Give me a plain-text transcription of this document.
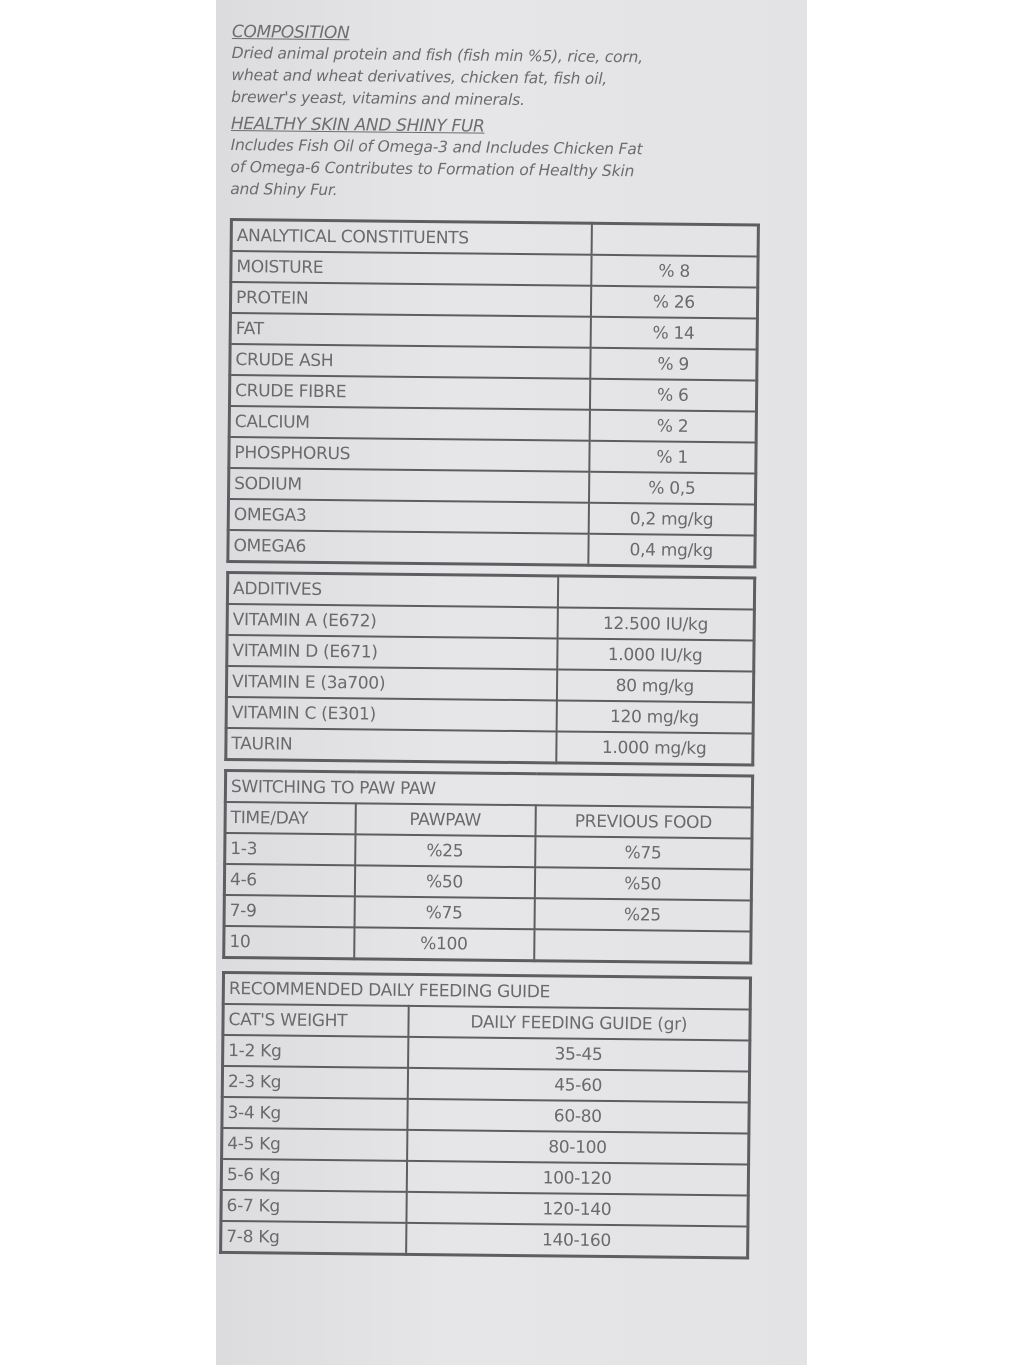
COMPOSITION

Dried animal protein and fish (fish min %5), rice, corn,
wheat and wheat derivatives, chicken fat, fish oil,
brewer's yeast, vitamins and minerals.

HEALTHY SKIN AND SHINY FUR

Includes Fish Oil of Omega-3 and Includes Chicken Fat
of Omega-6 Contributes to Formation of Healthy Skin
and Shiny Fur.

ANALYTICAL CONSTITUENTS	
MOISTURE	% 8
PROTEIN	% 26
FAT	% 14
CRUDE ASH	% 9
CRUDE FIBRE	% 6
CALCIUM	% 2
PHOSPHORUS	% 1
SODIUM	% 0,5
OMEGA3	0,2 mg/kg
OMEGA6	0,4 mg/kg
ADDITIVES	
VITAMIN A (E672)	12.500 IU/kg
VITAMIN D (E671)	1.000 IU/kg
VITAMIN E (3a700)	80 mg/kg
VITAMIN C (E301)	120 mg/kg
TAURIN	1.000 mg/kg
SWITCHING TO PAW PAW		
TIME/DAY	PAWPAW	PREVIOUS FOOD
1-3	%25	%75
4-6	%50	%50
7-9	%75	%25
10	%100	
RECOMMENDED DAILY FEEDING GUIDE	
CAT'S WEIGHT	DAILY FEEDING GUIDE (gr)
1-2 Kg	35-45
2-3 Kg	45-60
3-4 Kg	60-80
4-5 Kg	80-100
5-6 Kg	100-120
6-7 Kg	120-140
7-8 Kg	140-160
